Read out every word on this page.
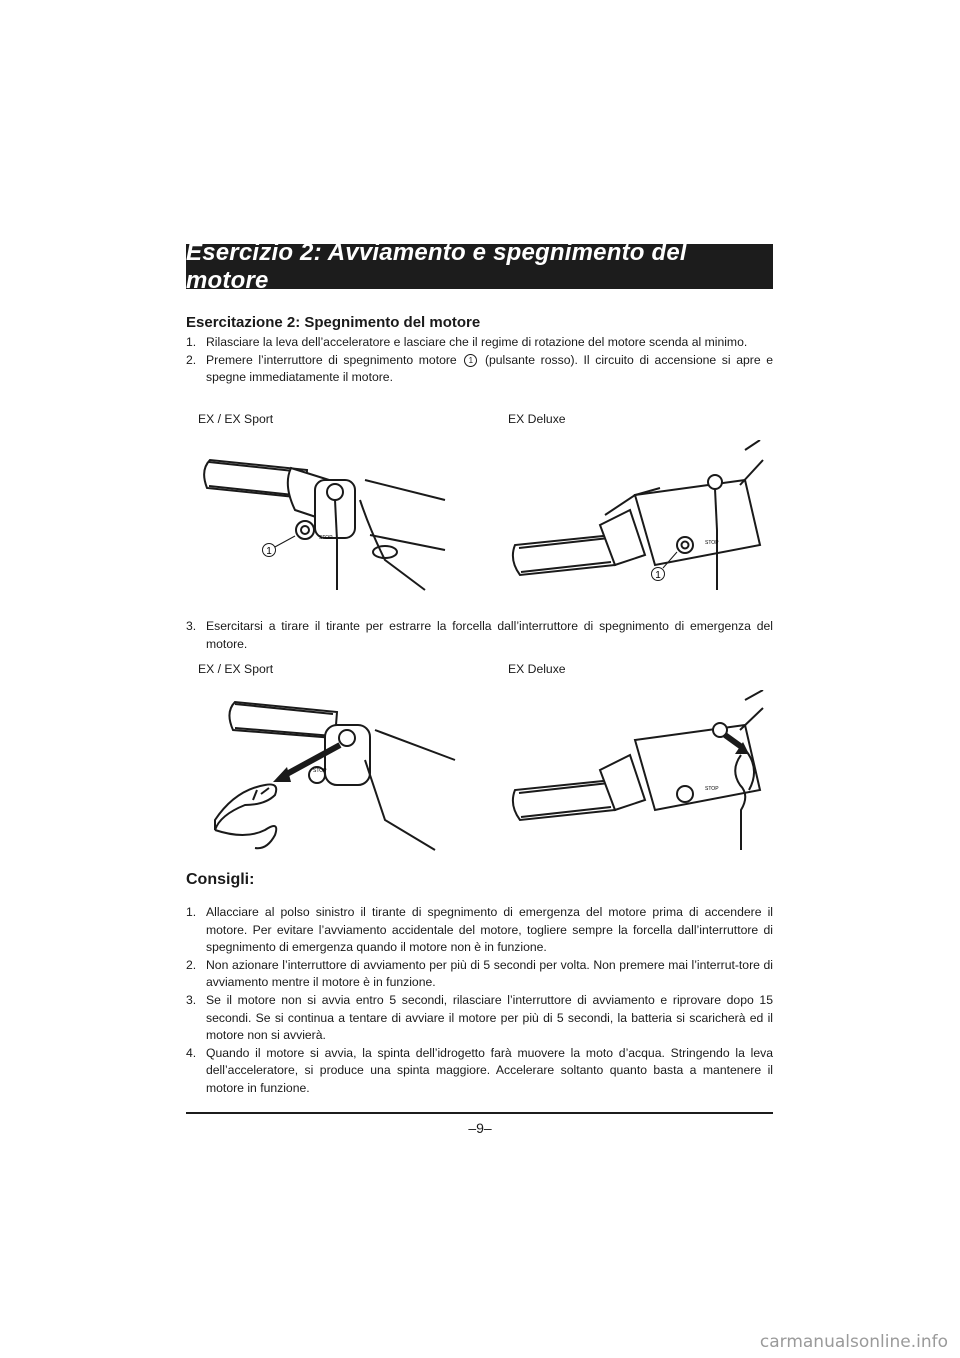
Esercizio 2: Avviamento e spegnimento del motore
Esercitazione 2: Spegnimento del motore
1. Rilasciare la leva dell’acceleratore e lasciare che il regime di rotazione del motore scenda al minimo.
2. Premere l’interruttore di spegnimento motore 1 (pulsante rosso). Il circuito di accensione si apre e spegne immediatamente il motore.
EX / EX Sport	EX Deluxe
STOP
1
STOP
1
3. Esercitarsi a tirare il tirante per estrarre la forcella dall’interruttore di spegnimento di emergenza del motore.
EX / EX Sport	EX Deluxe
STOP
STOP
Consigli:
1. Allacciare al polso sinistro il tirante di spegnimento di emergenza del motore prima di accendere il motore. Per evitare l’avviamento accidentale del motore, togliere sempre la forcella dall’interruttore di spegnimento di emergenza quando il motore non è in funzione.
2. Non azionare l’interruttore di avviamento per più di 5 secondi per volta. Non premere mai l’interrut-tore di avviamento mentre il motore è in funzione.
3. Se il motore non si avvia entro 5 secondi, rilasciare l’interruttore di avviamento e riprovare dopo 15 secondi. Se si continua a tentare di avviare il motore per più di 5 secondi, la batteria si scaricherà ed il motore non si avvierà.
4. Quando il motore si avvia, la spinta dell’idrogetto farà muovere la moto d’acqua. Stringendo la leva dell’acceleratore, si produce una spinta maggiore. Accelerare soltanto quanto basta a mantenere il motore in funzione.
–9–
carmanualsonline.info
